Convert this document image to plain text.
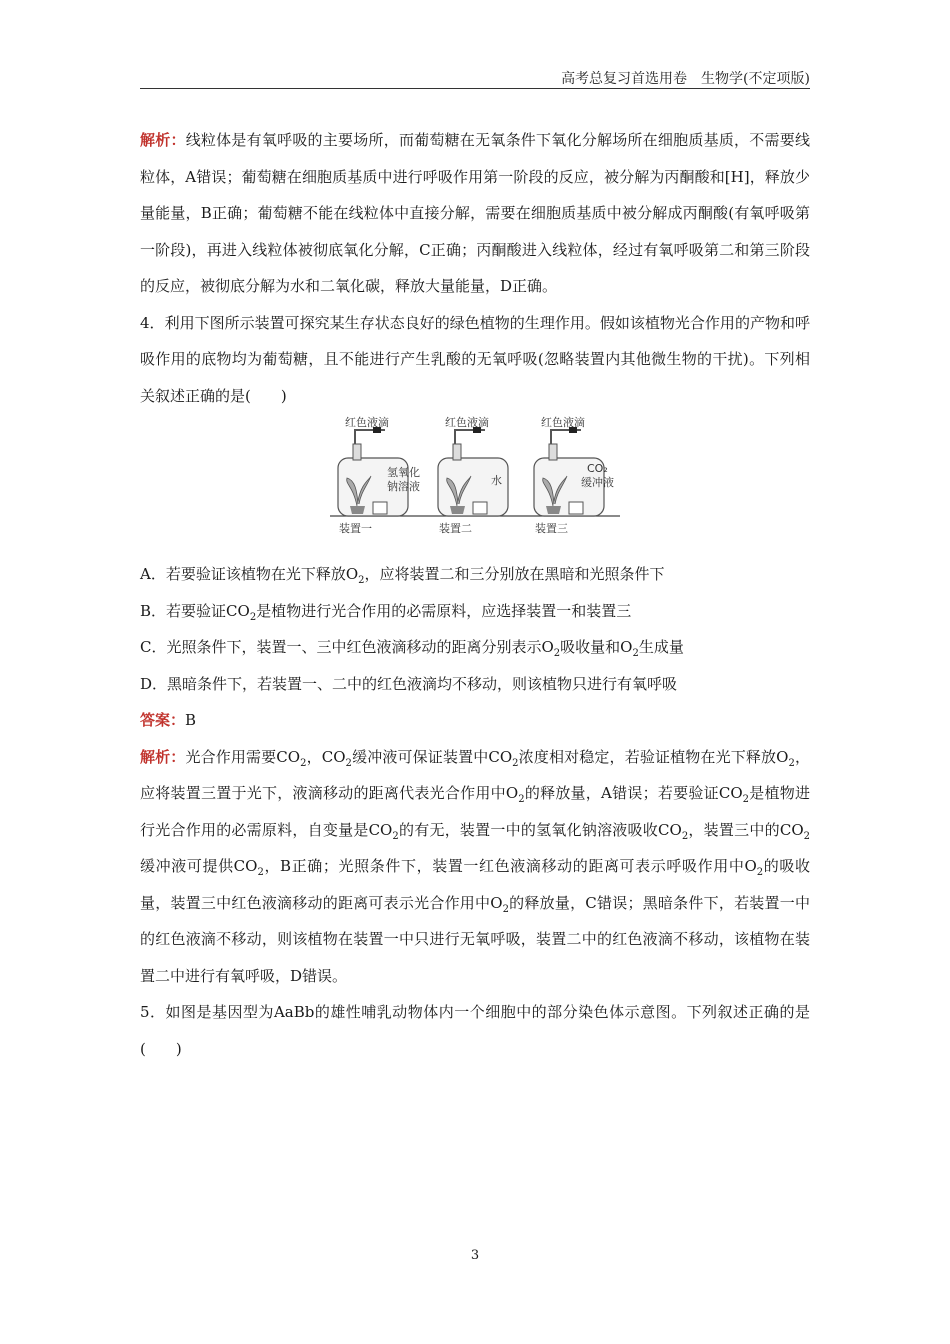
高考总复习首选用卷　生物学(不定项版)

解析：线粒体是有氧呼吸的主要场所，而葡萄糖在无氧条件下氧化分解场所在细胞质基质，不需要线粒体，A错误；葡萄糖在细胞质基质中进行呼吸作用第一阶段的反应，被分解为丙酮酸和[H]，释放少量能量，B正确；葡萄糖不能在线粒体中直接分解，需要在细胞质基质中被分解成丙酮酸(有氧呼吸第一阶段)，再进入线粒体被彻底氧化分解，C正确；丙酮酸进入线粒体，经过有氧呼吸第二和第三阶段的反应，被彻底分解为水和二氧化碳，释放大量能量，D正确。

4．利用下图所示装置可探究某生存状态良好的绿色植物的生理作用。假如该植物光合作用的产物和呼吸作用的底物均为葡萄糖，且不能进行产生乳酸的无氧呼吸(忽略装置内其他微生物的干扰)。下列相关叙述正确的是(　　)

红色液滴
氢氧化
钠溶液
装置一
红色液滴
水
装置二
红色液滴
CO₂
缓冲液
装置三

A．若要验证该植物在光下释放$O_2$，应将装置二和三分别放在黑暗和光照条件下

B．若要验证$CO_2$是植物进行光合作用的必需原料，应选择装置一和装置三

C．光照条件下，装置一、三中红色液滴移动的距离分别表示$O_2$吸收量和$O_2$生成量

D．黑暗条件下，若装置一、二中的红色液滴均不移动，则该植物只进行有氧呼吸

答案：B

解析：光合作用需要$CO_2$，$CO_2$缓冲液可保证装置中$CO_2$浓度相对稳定，若验证植物在光下释放$O_2$，应将装置三置于光下，液滴移动的距离代表光合作用中$O_2$的释放量，A错误；若要验证$CO_2$是植物进行光合作用的必需原料，自变量是$CO_2$的有无，装置一中的氢氧化钠溶液吸收$CO_2$，装置三中的$CO_2$缓冲液可提供$CO_2$，B正确；光照条件下，装置一红色液滴移动的距离可表示呼吸作用中$O_2$的吸收量，装置三中红色液滴移动的距离可表示光合作用中$O_2$的释放量，C错误；黑暗条件下，若装置一中的红色液滴不移动，则该植物在装置一中只进行无氧呼吸，装置二中的红色液滴不移动，该植物在装置二中进行有氧呼吸，D错误。

5．如图是基因型为AaBb的雄性哺乳动物体内一个细胞中的部分染色体示意图。下列叙述正确的是(　　)

3
